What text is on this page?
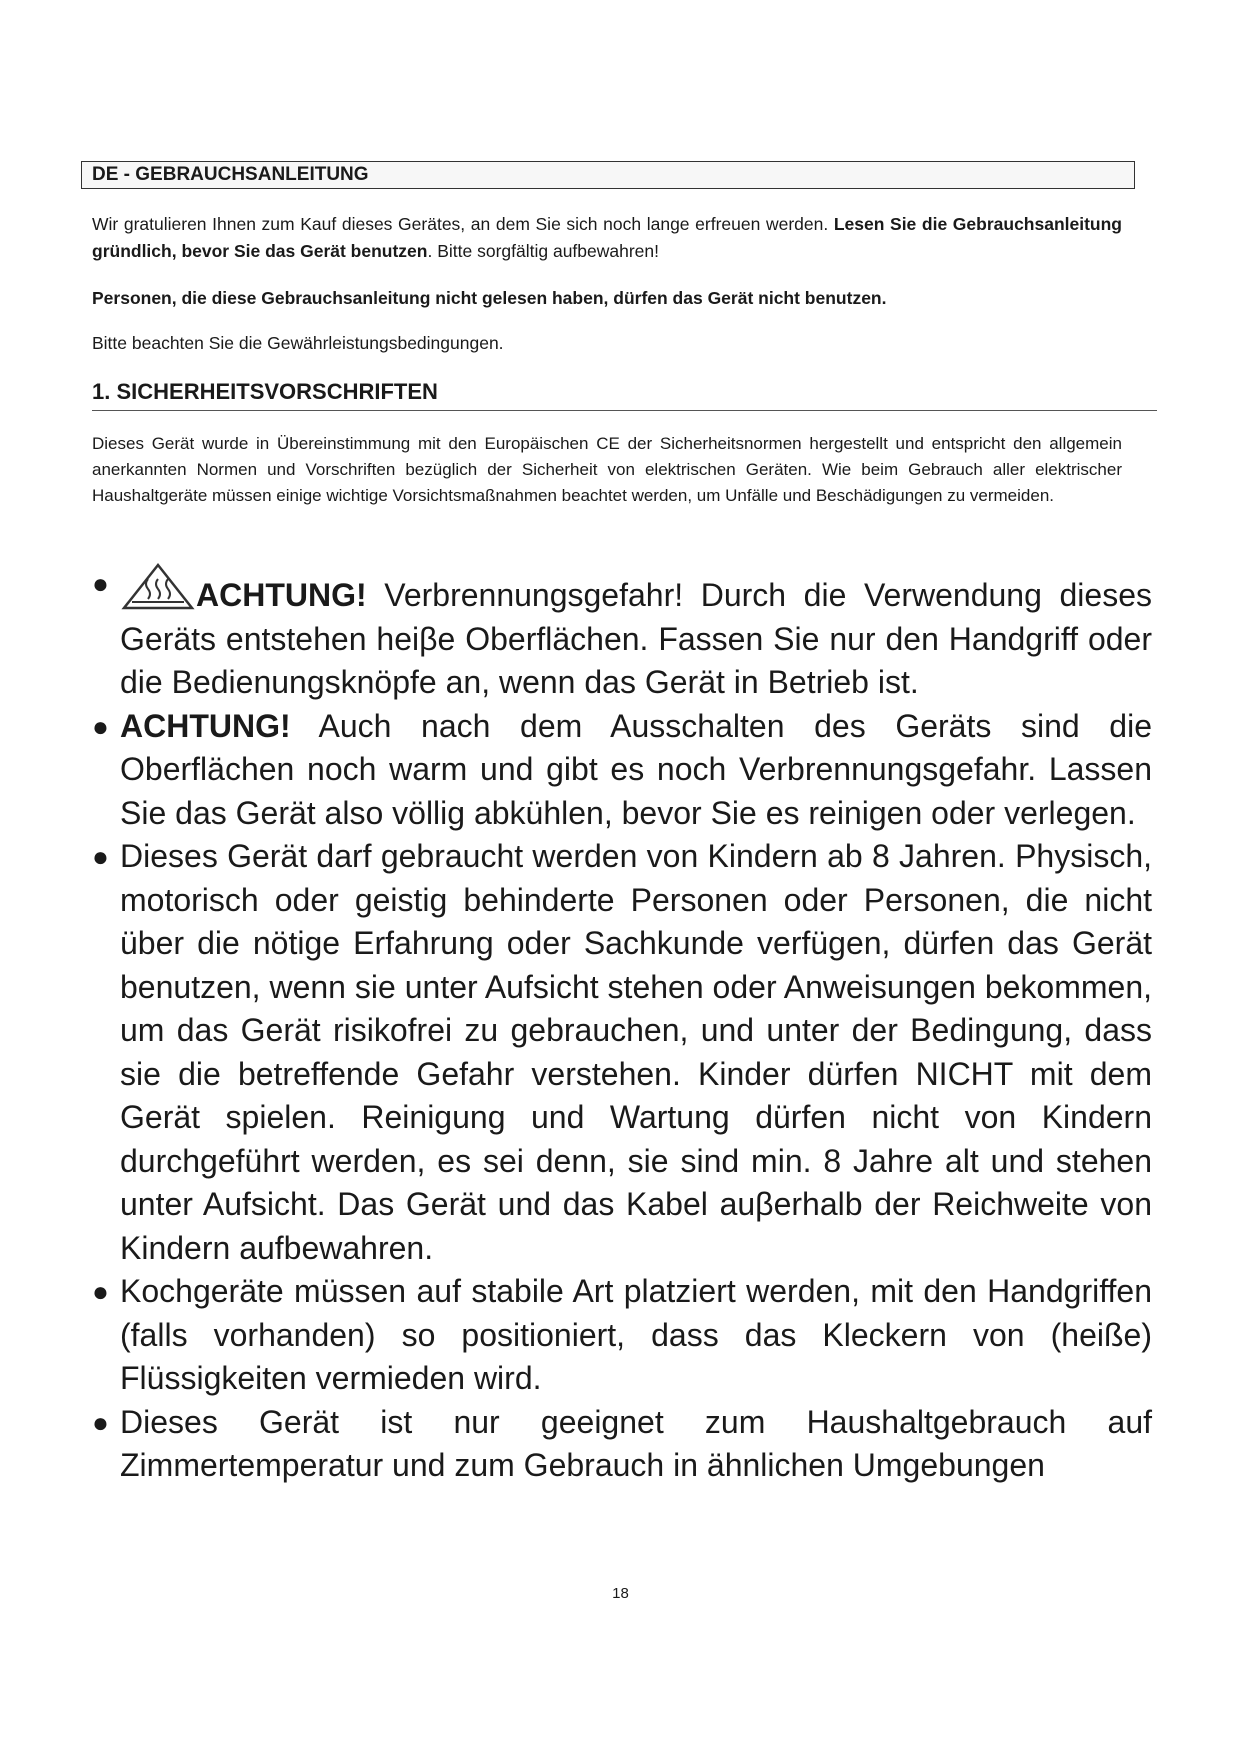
DE - GEBRAUCHSANLEITUNG
Wir gratulieren Ihnen zum Kauf dieses Gerätes, an dem Sie sich noch lange erfreuen werden. Lesen Sie die Gebrauchsanleitung gründlich, bevor Sie das Gerät benutzen. Bitte sorgfältig aufbewahren!
Personen, die diese Gebrauchsanleitung nicht gelesen haben, dürfen das Gerät nicht benutzen.
Bitte beachten Sie die Gewährleistungsbedingungen.
1. SICHERHEITSVORSCHRIFTEN
Dieses Gerät wurde in Übereinstimmung mit den Europäischen CE der Sicherheitsnormen hergestellt und entspricht den allgemein anerkannten Normen und Vorschriften bezüglich der Sicherheit von elektrischen Geräten. Wie beim Gebrauch aller elektrischer Haushaltgeräte müssen einige wichtige Vorsichtsmaßnahmen beachtet werden, um Unfälle und Beschädigungen zu vermeiden.
●	ACHTUNG! Verbrennungsgefahr! Durch die Verwendung dieses Geräts entstehen heiβe Oberflächen. Fassen Sie nur den Handgriff oder die Bedienungsknöpfe an, wenn das Gerät in Betrieb ist.
● ACHTUNG! Auch nach dem Ausschalten des Geräts sind die Oberflächen noch warm und gibt es noch Verbrennungsgefahr. Lassen Sie das Gerät also völlig abkühlen, bevor Sie es reinigen oder verlegen.
● Dieses Gerät darf gebraucht werden von Kindern ab 8 Jahren. Physisch, motorisch oder geistig behinderte Personen oder Personen, die nicht über die nötige Erfahrung oder Sachkunde verfügen, dürfen das Gerät benutzen, wenn sie unter Aufsicht stehen oder Anweisungen bekommen, um das Gerät risikofrei zu gebrauchen, und unter der Bedingung, dass sie die betreffende Gefahr verstehen. Kinder dürfen NICHT mit dem Gerät spielen. Reinigung und Wartung dürfen nicht von Kindern durchgeführt werden, es sei denn, sie sind min. 8 Jahre alt und stehen unter Aufsicht. Das Gerät und das Kabel auβerhalb der Reichweite von Kindern aufbewahren.
● Kochgeräte müssen auf stabile Art platziert werden, mit den Handgriffen (falls vorhanden) so positioniert, dass das Kleckern von (heiße) Flüssigkeiten vermieden wird.
● Dieses Gerät ist nur geeignet zum Haushaltgebrauch auf Zimmertemperatur und zum Gebrauch in ähnlichen Umgebungen
18
